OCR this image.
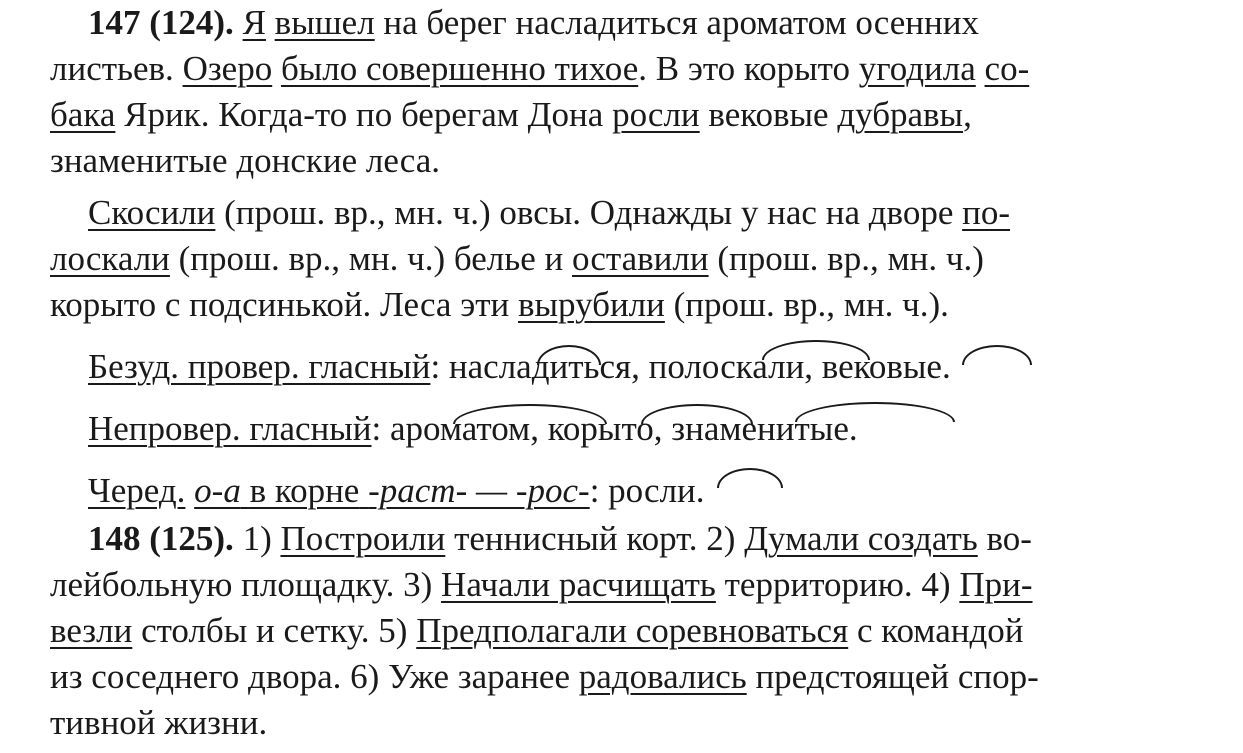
147 (124). Я вышел на берег насладиться ароматом осенних
листьев. Озеро было совершенно тихое. В это корыто угодила со-
бака Ярик. Когда-то по берегам Дона росли вековые дубравы,
знаменитые донские леса.
Скосили (прош. вр., мн. ч.) овсы. Однажды у нас на дворе по-
лоскали (прош. вр., мн. ч.) белье и оставили (прош. вр., мн. ч.)
корыто с подсинькой. Леса эти вырубили (прош. вр., мн. ч.).
Безуд. провер. гласный: насладиться, полоскали, вековые.
Непровер. гласный: ароматом, корыто, знаменитые.
Черед. о-а в корне -раст- — -рос-: росли.
148 (125). 1) Построили теннисный корт. 2) Думали создать во-
лейбольную площадку. 3) Начали расчищать территорию. 4) При-
везли столбы и сетку. 5) Предполагали соревноваться с командой
из соседнего двора. 6) Уже заранее радовались предстоящей спор-
тивной жизни.
